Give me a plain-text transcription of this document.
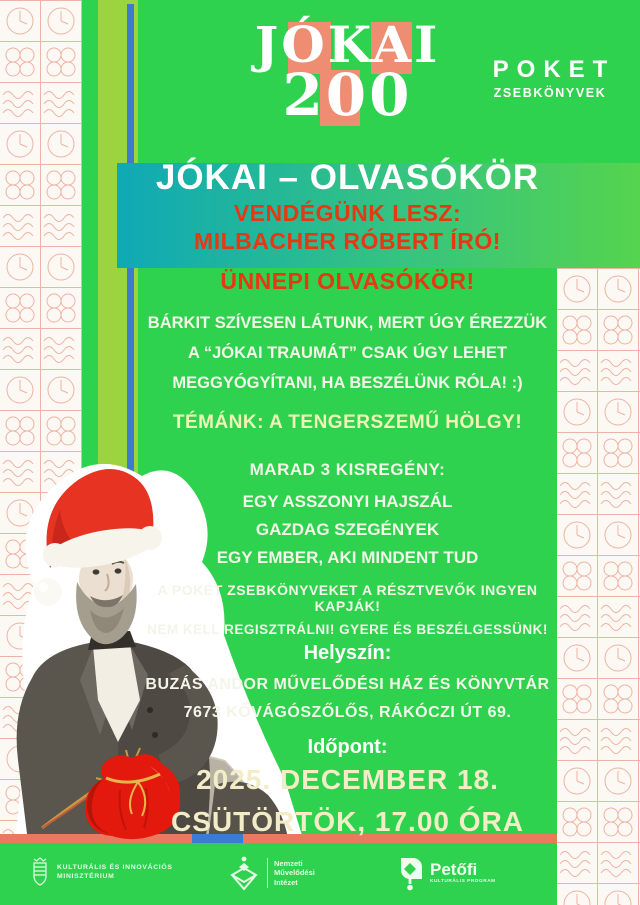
POKET
ZSEBKÖNYVEK
JÓKAI
200
JÓKAI – OLVASÓKÖR
VENDÉGÜNK LESZ:
MILBACHER RÓBERT ÍRÓ!
ÜNNEPI OLVASÓKÖR!
BÁRKIT SZÍVESEN LÁTUNK, MERT ÚGY ÉREZZÜK
A “JÓKAI TRAUMÁT” CSAK ÚGY LEHET
MEGGYÓGYÍTANI, HA BESZÉLÜNK RÓLA! :)
TÉMÁNK: A TENGERSZEMŰ HÖLGY!
MARAD 3 KISREGÉNY:
EGY ASSZONYI HAJSZÁL
GAZDAG SZEGÉNYEK
EGY EMBER, AKI MINDENT TUD
A POKET ZSEBKÖNYVEKET A RÉSZTVEVŐK INGYEN KAPJÁK!
NEM KELL REGISZTRÁLNI! GYERE ÉS BESZÉLGESSÜNK!
Helyszín:
BUZÁS ANDOR MŰVELŐDÉSI HÁZ ÉS KÖNYVTÁR
7673 KŐVÁGÓSZŐLŐS, RÁKÓCZI ÚT 69.
Időpont:
2025. DECEMBER 18.
CSÜTÖRTÖK, 17.00 ÓRA
KULTURÁLIS ÉS INNOVÁCIÓS
MINISZTÉRIUM
Nemzeti
Művelődési
Intézet
Petőfi
KULTURÁLIS PROGRAM
